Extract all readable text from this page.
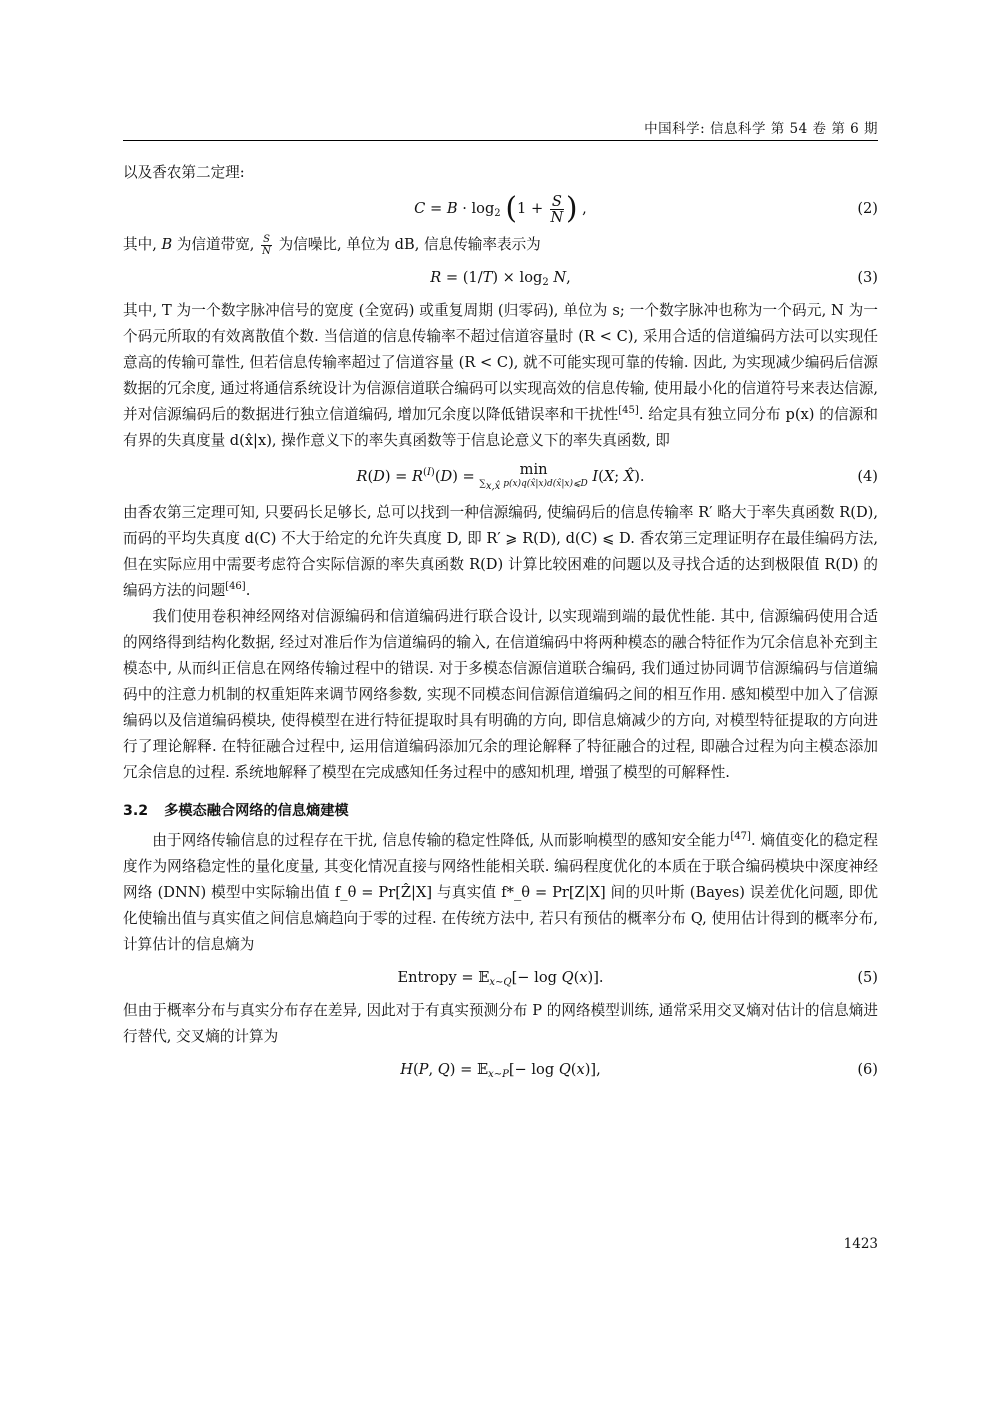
中国科学: 信息科学 第 54 卷 第 6 期

以及香农第二定理:

$C = B \cdot \log_2 (1 + \frac{S}{N}$ ) ,	(2)

其中, B 为信道带宽, $\frac{S}{N}$ 为信噪比, 单位为 dB, 信息传输率表示为

$R = (1/T) \times \log_2 N$,	(3)

其中, T 为一个数字脉冲信号的宽度 (全宽码) 或重复周期 (归零码), 单位为 s; 一个数字脉冲也称为一个码元, N 为一个码元所取的有效离散值个数. 当信道的信息传输率不超过信道容量时 (R < C), 采用合适的信道编码方法可以实现任意高的传输可靠性, 但若信息传输率超过了信道容量 (R < C), 就不可能实现可靠的传输. 因此, 为实现减少编码后信源数据的冗余度, 通过将通信系统设计为信源信道联合编码可以实现高效的信息传输, 使用最小化的信道符号来表达信源, 并对信源编码后的数据进行独立信道编码, 增加冗余度以降低错误率和干扰性[45]. 给定具有独立同分布 p(x) 的信源和有界的失真度量 d(x̂|x), 操作意义下的率失真函数等于信息论意义下的率失真函数, 即

$R(D) = R^{(I)}(D)$ =	min
$\sum_{x,x̂}$ p(x)q(x̂|x)d(x̂|x)⩽D I(X; X̂).	(4)

由香农第三定理可知, 只要码长足够长, 总可以找到一种信源编码, 使编码后的信息传输率 R′ 略大于率失真函数 R(D), 而码的平均失真度 d(C) 不大于给定的允许失真度 D, 即 R′ ⩾ R(D), d(C) ⩽ D. 香农第三定理证明存在最佳编码方法, 但在实际应用中需要考虑符合实际信源的率失真函数 R(D) 计算比较困难的问题以及寻找合适的达到极限值 R(D) 的编码方法的问题[46].

我们使用卷积神经网络对信源编码和信道编码进行联合设计, 以实现端到端的最优性能. 其中, 信源编码使用合适的网络得到结构化数据, 经过对准后作为信道编码的输入, 在信道编码中将两种模态的融合特征作为冗余信息补充到主模态中, 从而纠正信息在网络传输过程中的错误. 对于多模态信源信道联合编码, 我们通过协同调节信源编码与信道编码中的注意力机制的权重矩阵来调节网络参数, 实现不同模态间信源信道编码之间的相互作用. 感知模型中加入了信源编码以及信道编码模块, 使得模型在进行特征提取时具有明确的方向, 即信息熵减少的方向, 对模型特征提取的方向进行了理论解释. 在特征融合过程中, 运用信道编码添加冗余的理论解释了特征融合的过程, 即融合过程为向主模态添加冗余信息的过程. 系统地解释了模型在完成感知任务过程中的感知机理, 增强了模型的可解释性.

3.2 多模态融合网络的信息熵建模

由于网络传输信息的过程存在干扰, 信息传输的稳定性降低, 从而影响模型的感知安全能力[47]. 熵值变化的稳定程度作为网络稳定性的量化度量, 其变化情况直接与网络性能相关联. 编码程度优化的本质在于联合编码模块中深度神经网络 (DNN) 模型中实际输出值 f_θ = Pr[Ẑ|X] 与真实值 f*_θ = Pr[Z|X] 间的贝叶斯 (Bayes) 误差优化问题, 即优化使输出值与真实值之间信息熵趋向于零的过程. 在传统方法中, 若只有预估的概率分布 Q, 使用估计得到的概率分布, 计算估计的信息熵为

Entropy = 𝔼$_{x\sim Q}$[− log Q(x)].	(5)

但由于概率分布与真实分布存在差异, 因此对于有真实预测分布 P 的网络模型训练, 通常采用交叉熵对估计的信息熵进行替代, 交叉熵的计算为

H(P, Q) = 𝔼$_{x\sim P}$[− log Q(x)],	(6)
1423
